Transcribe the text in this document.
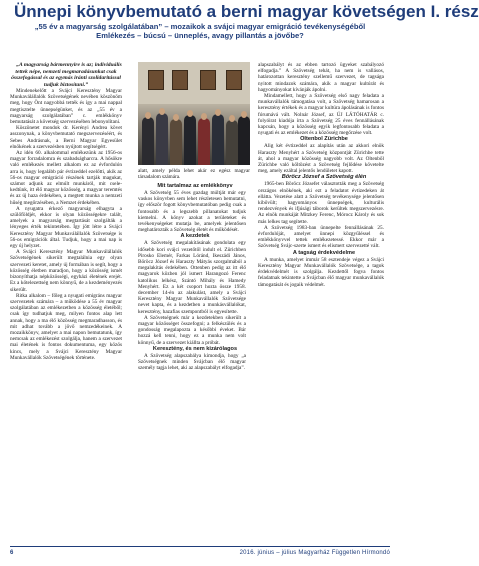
Ünnepi könyvbemutató a berni magyar követségen I. rész
„55 év a magyarság szolgálatában” – mozaikok a svájci magyar emigráció tevékenységéből Emlékezés – búcsú – ünneplés, avagy pillantás a jövőbe?

„A magyarság bármennyire is az; individuális tettek népe, nemzeti megmaradásunkat csak összefogással és az egymás iránti szolidaritással tudjuk biztosítani.”

Mindenekelőtt a Svájci Keresztény Magyar Munkaválállalók Szövetségének nevében köszönöm meg, hogy Önt nagyobbá tették és így a mai nappal megtisztelte ünnepségünket, és az „55 év a magyarság szolgálatában” c. emlékkönyv bemutatását a követség szervezésében lebonyolítani.

Köszönetet mondok dr. Kerényi Andrea követ asszonynak, a könyvbemutató megszervezéséért, és Sebes Andrásnak, a Berni Magyar Egyesület elnökének a szervezésben nyújtott segítségért.

Az idén 60. alkalommal emlékezünk az 1956-os magyar forradalomra és szabadságharcra. A hősökre való emlékezés mellett alkalom ez az évfordulón arra is, hogy legalább pár évtizeddel ezelőtti, akik az 56-os magyar emigráció részének tartják magukat, számot adjunk az elmúlt munkáról, mit cselekedtünk, itt élő magyar közösség, a magyar teremtés és az új haza érdekében, a megtett munka a nemzeti hűség megőrzésében, a Nemzet érdekében.

A nyugatra érkező magyarság elhagyta a szülőföldjét, ekkor is olyan közösségekre talált, amelyek a magyarság megtartását szolgálták a lényeges érték tekintetében. Így jött létre a Svájci Keresztény Magyar Munkaválállalók Szövetsége is 56-os emigrációk által. Tudjuk, hogy a mai nap is egy új helyzet.

A Svájci Keresztény Magyar Munkaválállalók Szövetségének sikerült megtalálnia egy olyan szervezeti keretet, amely új formában is segít, hogy a közösség életben maradjon, hogy a közösség ismét bizonyíthatja népközösségi, egyházi életének erejét. Ez a kötelezettség nem könnyű, de a kezdeményezés sikerült.

Ritka alkalom – főleg a nyugati emigráns magyar szervezetek számára – a működése a 55 év magyar szolgálatában az emlékezetben a közösség életéből; csak így tudhatjuk meg, milyen fontos alap lett annak, hogy a ma élő közösség megmaradhasson, és mit adhat tovább a jövő nemzedékeinek. A mozaikkönyv, amelyet a mai napon bemutatunk, így nemcsak az emlékezést szolgálja, hanem a szervezet mai életének is fontos dokumentuma, egy közös kincs, mely a Svájci Keresztény Magyar Munkavállalók Szövetségének története.

alatt, amely példa lehet akár ez egész magyar társadalom számára.

Mit tartalmaz az emlékkönyv

A Szövetség 55 éves gazdag múltját már egy vaskos könyvben sem lehet részletesen bemutatni, így először fogott könyvbemutatóban pedig csak a fontosabb és a legszebb pillanatokat tudjuk kiemelni. A könyv azokat a területeket és tevékenységeket mutatja be, amelyek jelentősen meghatározták a Szövetség életét és működését.

A kezdetek

A Szövetség megalakításának gondolata egy idősebb kori svájci vezetőtől indult el. Zürichben Pirosko Elemér, Farkas Lóránd, Ikeszádi János, Böröcz József és Haraszty Mátyás szorgalmából a megalakítás érdekében. Ottenben pedig az itt élő magyarok közben jól ismert Harangozó Ferenc katolikus lelkész, Szántó Mihály és Hamedy Menyhért. Ez a két csoport hozta össze 1958. december 14-én az alakulást, amely a Svájci Keresztény Magyar Munkavállalók Szövetsége nevet kapta, és a kezdetben a munkásvállalókat, keresztény, hazafias szempontból is egyesítette.

A Szövetségnek már a kezdetekben sikerült a magyar közösséget összefogni; a felkészülés és a gondosság megalapozta a későbbi éveket. Bár hozzá kell tenni, hogy ez a munka nem volt könnyű, de a szervezet kiállta a próbát.

Keresztény, és nem kizárólagos

A Szövetség alapszabálya kimondja, hogy „a Szövetségnek minden Svájcban élő magyar személy tagja lehet, aki az alapszabályt elfogadja”.

alapszabályt és az ebben tartozó ügyeket szabályozó elfogadja.” A Szövetség tehát, ha nem is vallásos, határozottan keresztény szellemű szervezet, de tagsága nyitott mindazok számára, akik a magyar kultúrát és hagyományokat kívánják ápolni.

Mindamellett, hogy a Szövetség első nagy feladata a munkavállalók támogatása volt, a Szövetség hamarosan a keresztény értékek és a magyar kultúra ápolásának is fontos fórumává vált. Nolnár József, az ÚJ LÁTÓHATÁR c. folyóirat kiadója írta a Szövetség 25 éves fennállásának kapcsán, hogy a közösség egyik legfontosabb feladata a nyugati és az emlékezet és a közösség megőrzése volt.

Oltenbol Zürichbe

Alig két évtizeddel az alapítás után az akkori elnök Haraszty Menyhért a Szövetség központját Zürichbe tette át, ahol a magyar közösség nagyobb volt. Az Oltenből Zürichbe való költözést a Szövetség fejlődése követelte meg, amely ezáltal jelentős lendületet kapott.

Böröcz József a Szövetség élén

1965-ben Böröcz Józsefet választották meg a Szövetség országos elnökének, aki ezt a feladatot évtizedeken át ellátta. Vezetése alatt a Szövetség tevékenysége jelentősen kibővült; hagyományos ünnepségek, kulturális rendezvények és ifjúsági táborok kerültek megszervezésre. Az elnök munkáját Mitzkey Ferenc, Mórocz Károly és sok más lelkes tag segítette.

A Szövetség 1983-ban ünnepelte fennállásának 25. évfordulóját, amelyet ünnepi közgyűléssel és emlékkönyvvel tettek emlékezetessé. Ekkor már a Szövetség Svájc-szerte ismert és elismert szervezetté vált.

A tagság érdekvédelme

A munka, amelyet immár 58 esztendeje végez a Svájci Keresztény Magyar Munkavállalók Szövetsége, a tagok érdekvédelmét is szolgálja. Kezdettől fogva fontos feladatnak tekintette a Svájcban élő magyar munkavállalók támogatását és jogaik védelmét.

6	2016. június – július Magyarház Független Hírmondó
